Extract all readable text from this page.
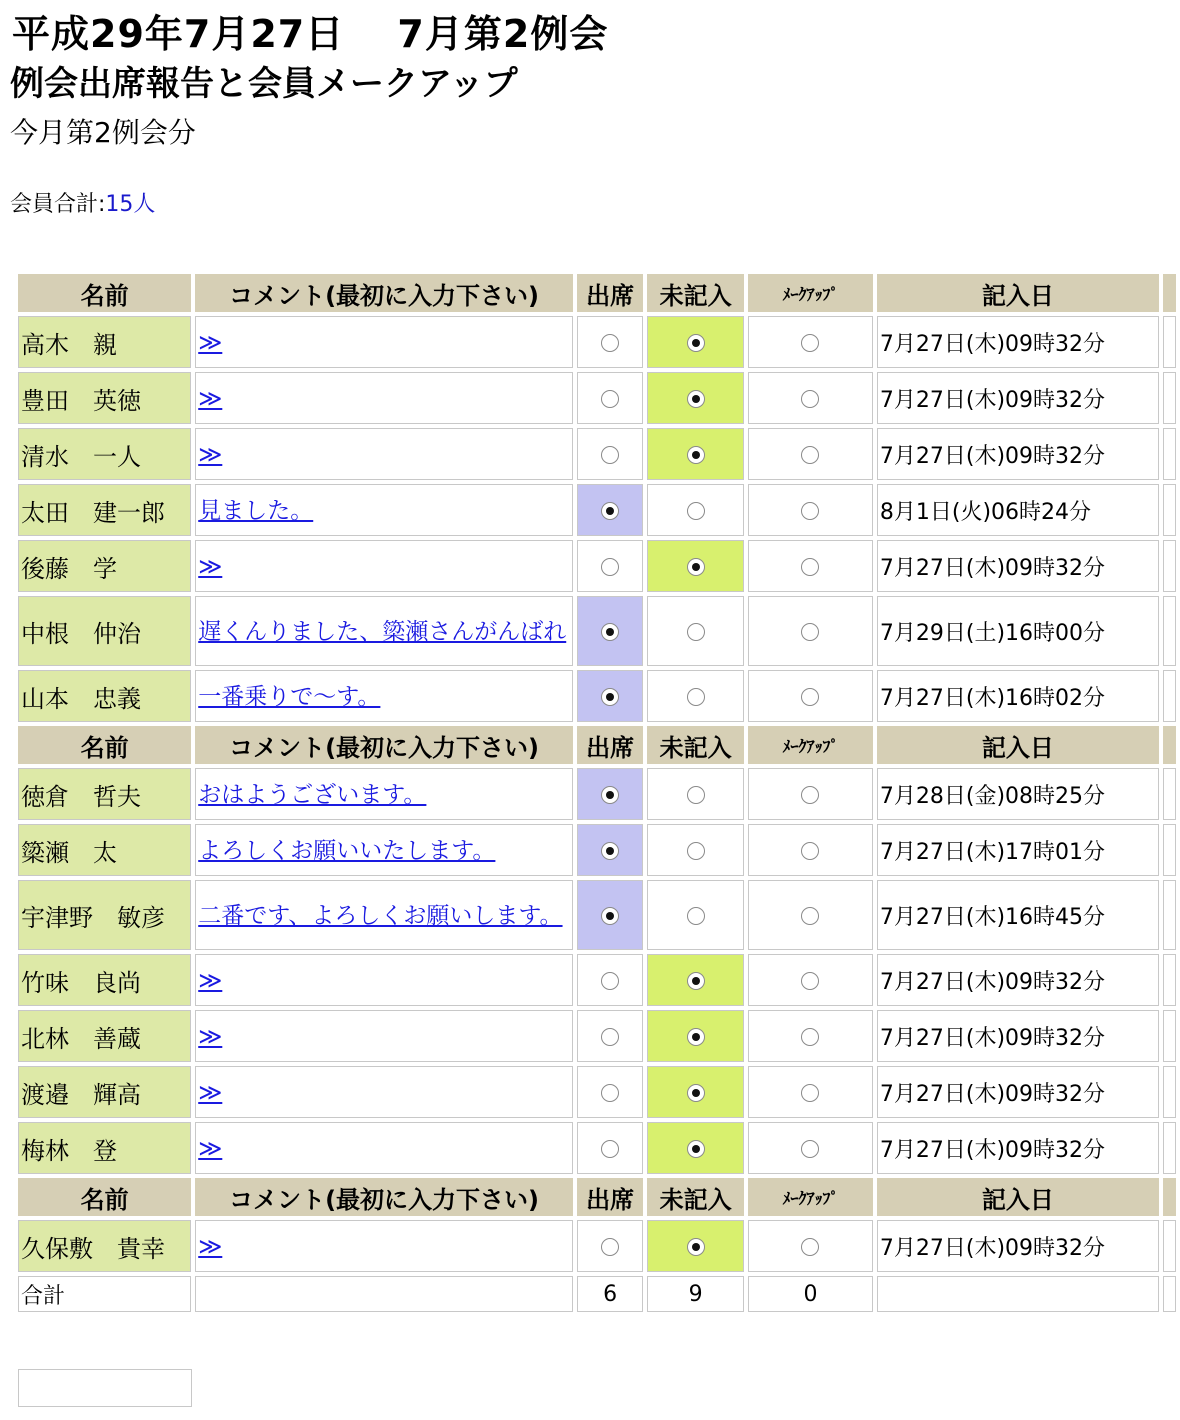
平成29年7月27日　 7月第2例会
例会出席報告と会員メークアップ
今月第2例会分
会員合計:15人
名前	コメント(最初に入力下さい)	出席	未記入	ﾒｰｸｱｯﾌﾟ	記入日	
高木　親	≫				7月27日(木)09時32分	
豊田　英徳	≫				7月27日(木)09時32分	
清水　一人	≫				7月27日(木)09時32分	
太田　建一郎	見ました。				8月1日(火)06時24分	
後藤　学	≫				7月27日(木)09時32分	
中根　仲治	遅くんりました、簗瀬さんがんばれ				7月29日(土)16時00分	
山本　忠義	一番乗りで〜す。				7月27日(木)16時02分	
名前	コメント(最初に入力下さい)	出席	未記入	ﾒｰｸｱｯﾌﾟ	記入日	
徳倉　哲夫	おはようございます。				7月28日(金)08時25分	
簗瀬　太	よろしくお願いいたします。				7月27日(木)17時01分	
宇津野　敏彦	二番です、よろしくお願いします。				7月27日(木)16時45分	
竹味　良尚	≫				7月27日(木)09時32分	
北林　善蔵	≫				7月27日(木)09時32分	
渡邉　輝高	≫				7月27日(木)09時32分	
梅林　登	≫				7月27日(木)09時32分	
名前	コメント(最初に入力下さい)	出席	未記入	ﾒｰｸｱｯﾌﾟ	記入日	
久保敷　貴幸	≫				7月27日(木)09時32分	
合計		6	9	0		
